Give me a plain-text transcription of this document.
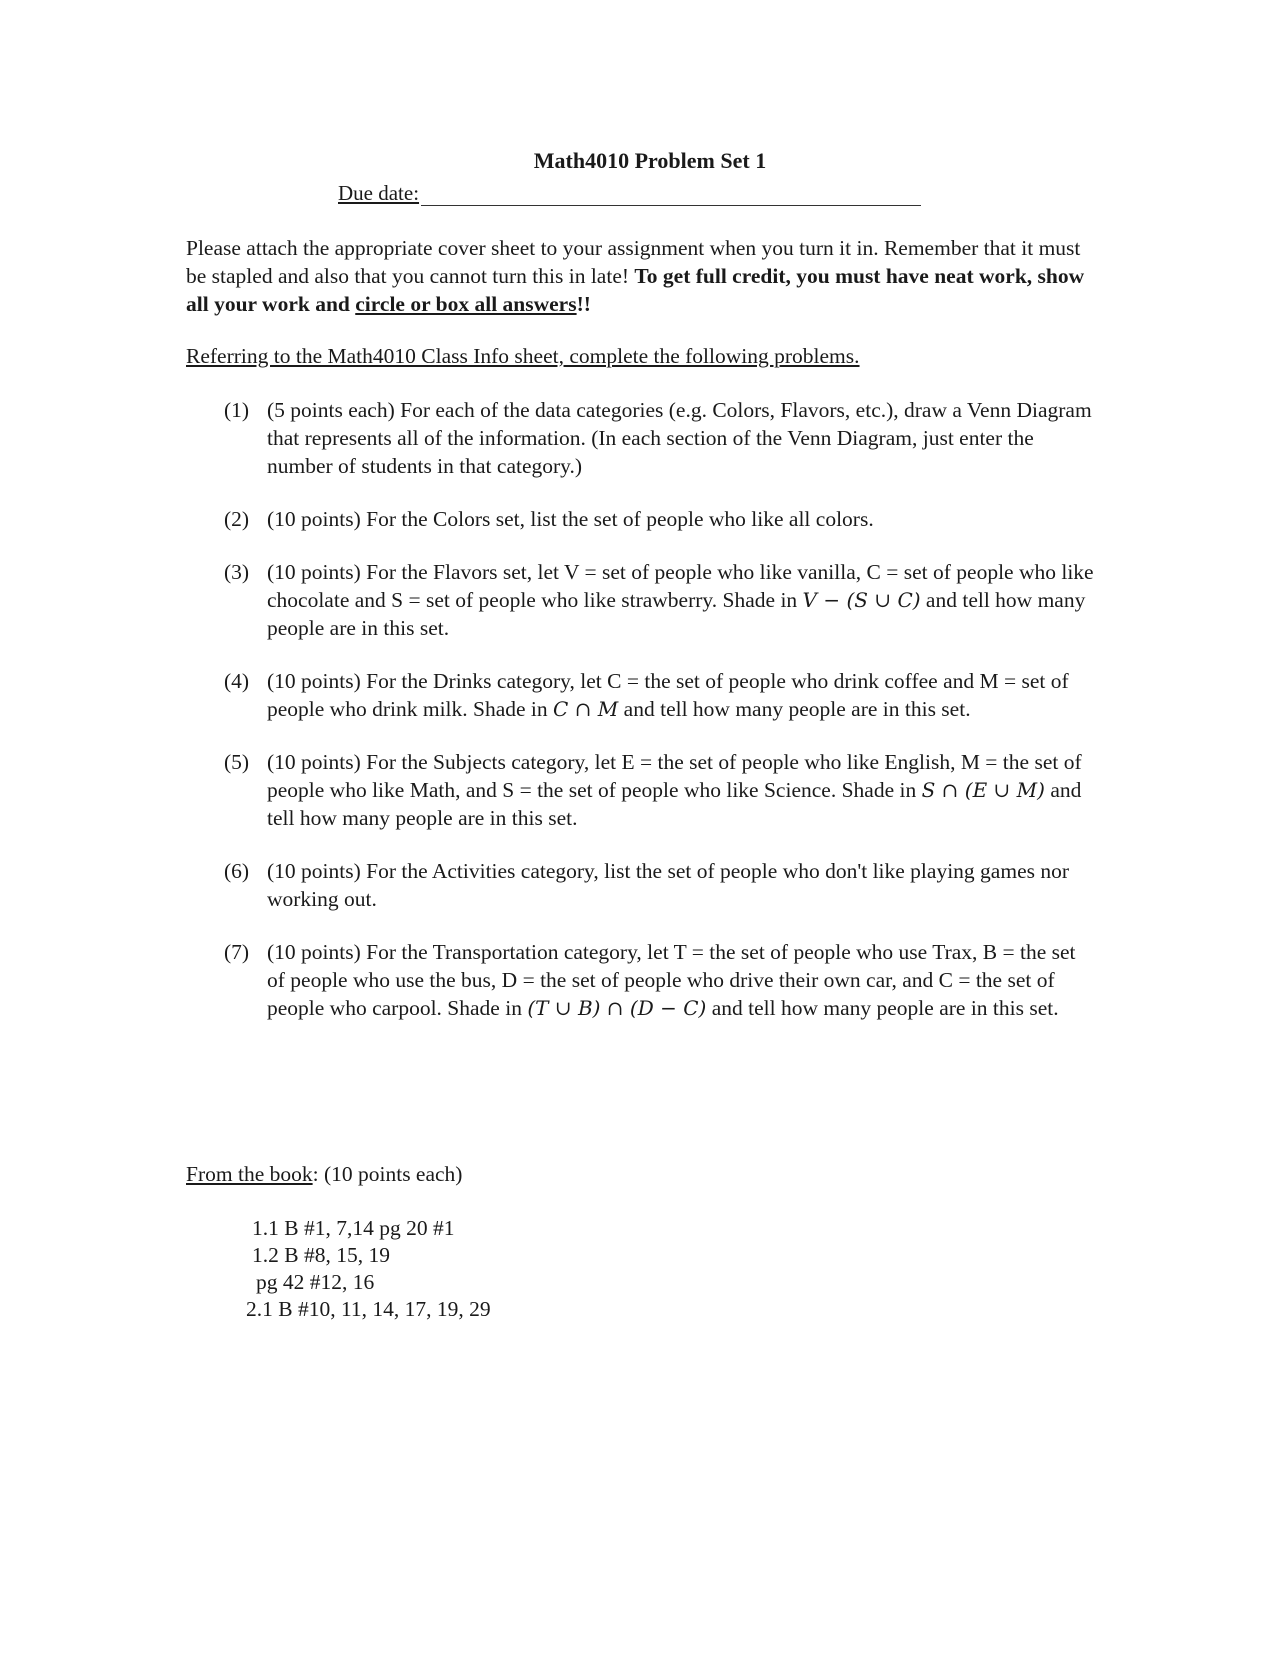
Math4010 Problem Set 1
Due date:
Please attach the appropriate cover sheet to your assignment when you turn it in. Remember that it must be stapled and also that you cannot turn this in late! To get full credit, you must have neat work, show all your work and circle or box all answers!!
Referring to the Math4010 Class Info sheet, complete the following problems.
(1) (5 points each) For each of the data categories (e.g. Colors, Flavors, etc.), draw a Venn Diagram that represents all of the information. (In each section of the Venn Diagram, just enter the number of students in that category.)
(2) (10 points) For the Colors set, list the set of people who like all colors.
(3) (10 points) For the Flavors set, let V = set of people who like vanilla, C = set of people who like chocolate and S = set of people who like strawberry. Shade in V − (S ∪ C) and tell how many people are in this set.
(4) (10 points) For the Drinks category, let C = the set of people who drink coffee and M = set of people who drink milk. Shade in C ∩ M and tell how many people are in this set.
(5) (10 points) For the Subjects category, let E = the set of people who like English, M = the set of people who like Math, and S = the set of people who like Science. Shade in S ∩ (E ∪ M) and tell how many people are in this set.
(6) (10 points) For the Activities category, list the set of people who don't like playing games nor working out.
(7) (10 points) For the Transportation category, let T = the set of people who use Trax, B = the set of people who use the bus, D = the set of people who drive their own car, and C = the set of people who carpool. Shade in (T ∪ B) ∩ (D − C) and tell how many people are in this set.
From the book: (10 points each)
1.1 B #1, 7,14 pg 20 #1
1.2 B #8, 15, 19
pg 42 #12, 16
2.1 B #10, 11, 14, 17, 19, 29
